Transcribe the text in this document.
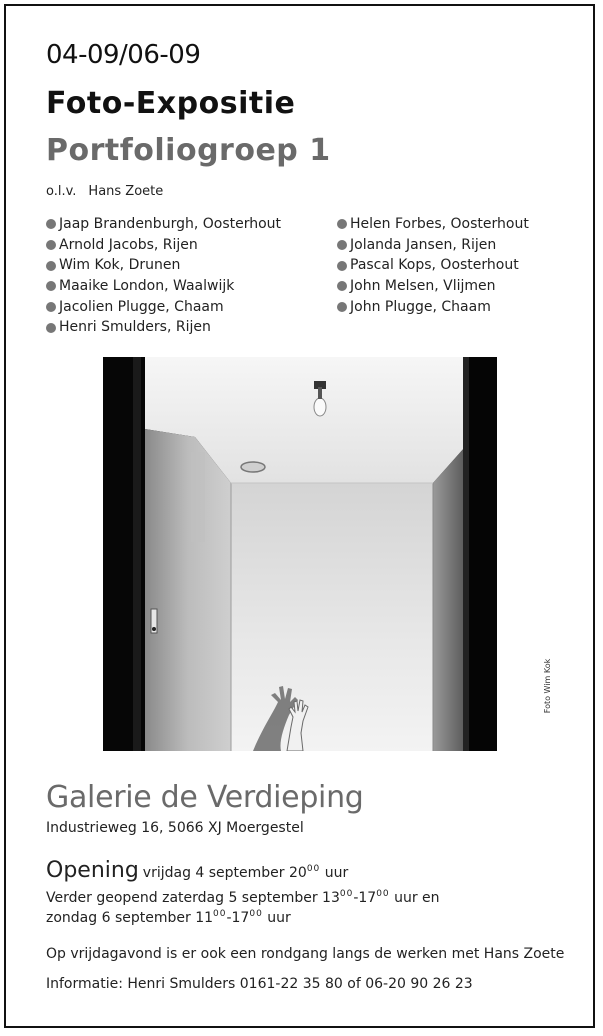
04-09/06-09
Foto-Expositie
Portfoliogroep 1
o.l.v. Hans Zoete
Jaap Brandenburgh, Oosterhout
Arnold Jacobs, Rijen
Wim Kok, Drunen
Maaike London, Waalwijk
Jacolien Plugge, Chaam
Henri Smulders, Rijen
Helen Forbes, Oosterhout
Jolanda Jansen, Rijen
Pascal Kops, Oosterhout
John Melsen, Vlijmen
John Plugge, Chaam
Foto Wim Kok
Galerie de Verdieping
Industrieweg 16, 5066 XJ Moergestel
Opening vrijdag 4 september $20^{00}$ uur
Verder geopend zaterdag 5 september $13^{00}-17^{00}$ uur en
zondag 6 september $11^{00}-17^{00}$ uur
Op vrijdagavond is er ook een rondgang langs de werken met Hans Zoete
Informatie: Henri Smulders 0161-22 35 80 of 06-20 90 26 23
